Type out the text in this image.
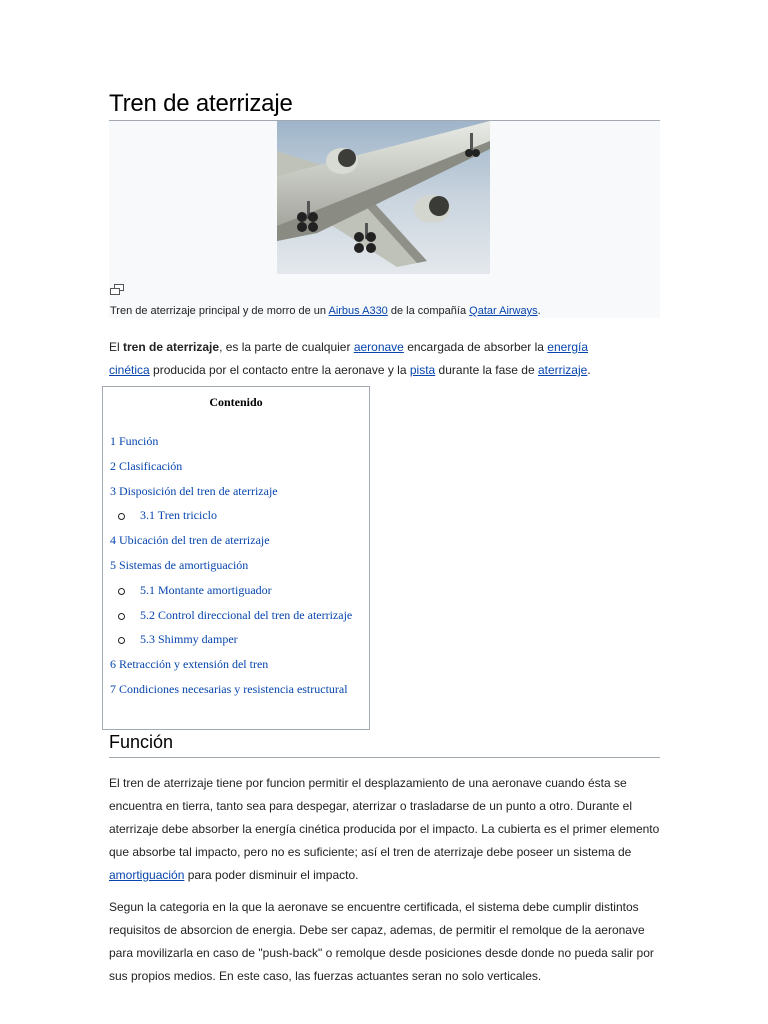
Tren de aterrizaje
Tren de aterrizaje principal y de morro de un Airbus A330 de la compañía Qatar Airways.

El tren de aterrizaje, es la parte de cualquier aeronave encargada de absorber la energía cinética producida por el contacto entre la aeronave y la pista durante la fase de aterrizaje.

Contenido
1 Función
2 Clasificación
3 Disposición del tren de aterrizaje
3.1 Tren triciclo
4 Ubicación del tren de aterrizaje
5 Sistemas de amortiguación
5.1 Montante amortiguador
5.2 Control direccional del tren de aterrizaje
5.3 Shimmy damper
6 Retracción y extensión del tren
7 Condiciones necesarias y resistencia estructural
Función

El tren de aterrizaje tiene por funcion permitir el desplazamiento de una aeronave cuando ésta se encuentra en tierra, tanto sea para despegar, aterrizar o trasladarse de un punto a otro. Durante el aterrizaje debe absorber la energía cinética producida por el impacto. La cubierta es el primer elemento que absorbe tal impacto, pero no es suficiente; así el tren de aterrizaje debe poseer un sistema de amortiguación para poder disminuir el impacto.

Segun la categoria en la que la aeronave se encuentre certificada, el sistema debe cumplir distintos requisitos de absorcion de energia. Debe ser capaz, ademas, de permitir el remolque de la aeronave para movilizarla en caso de "push-back" o remolque desde posiciones desde donde no pueda salir por sus propios medios. En este caso, las fuerzas actuantes seran no solo verticales.
